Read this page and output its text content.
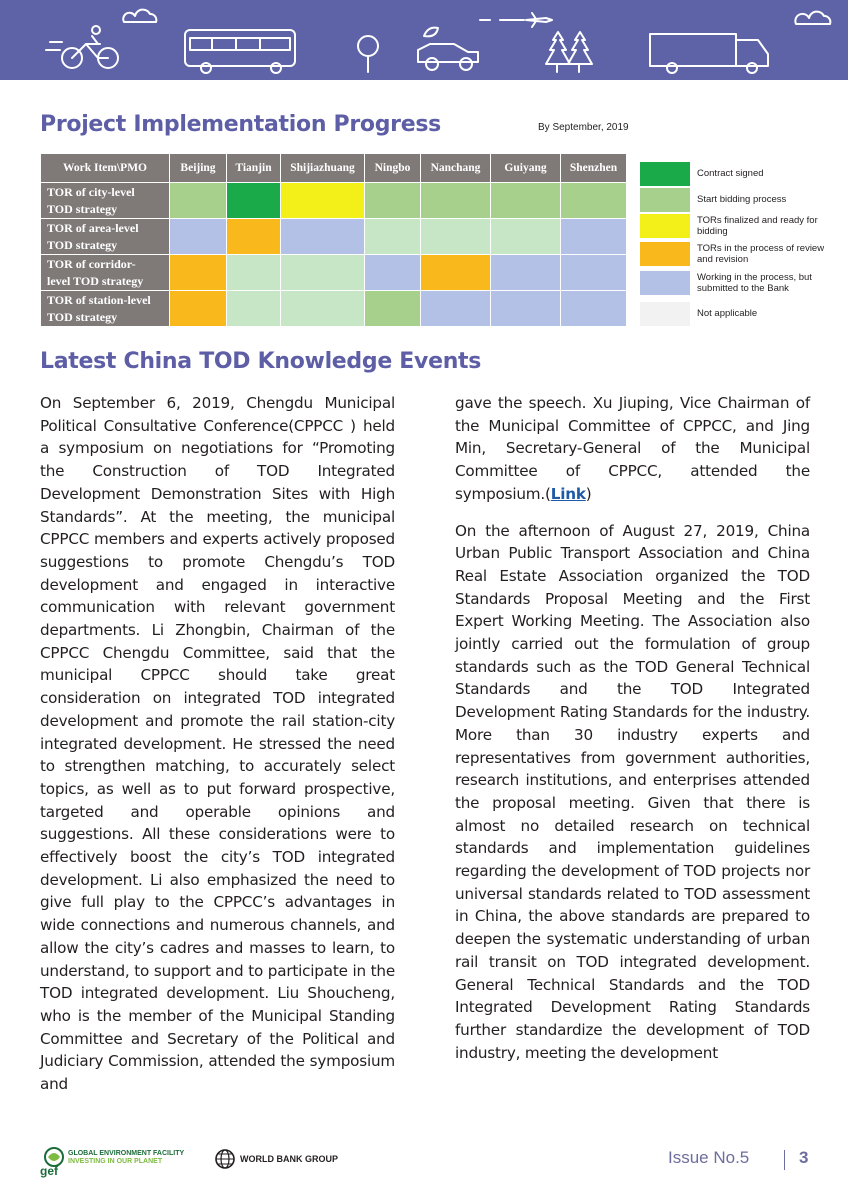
Project Implementation Progress	By September, 2019
Work Item\PMO	Beijing	Tianjin	Shijiazhuang	Ningbo	Nanchang	Guiyang	Shenzhen

TOR of city-level
TOD strategy							

TOR of area-level
TOD strategy							

TOR of corridor-
level TOD strategy							

TOR of station-level
TOD strategy							

Contract signed
Start bidding process
TORs finalized and ready for bidding
TORs in the process of review and revision
Working in the process, but submitted to the Bank
Not applicable
Latest China TOD Knowledge Events

On September 6, 2019, Chengdu Municipal Political Consultative Conference(CPPCC ) held a symposium on negotiations for “Promoting the Construction of TOD Integrated Development Demonstration Sites with High Standards”. At the meeting, the municipal CPPCC members and experts actively proposed suggestions to promote Chengdu’s TOD development and engaged in interactive communication with relevant government departments. Li Zhongbin, Chairman of the CPPCC Chengdu Committee, said that the municipal CPPCC should take great consideration on integrated TOD integrated development and promote the rail station-city integrated development. He stressed the need to strengthen matching, to accurately select topics, as well as to put forward prospective, targeted and operable opinions and suggestions. All these considerations were to effectively boost the city’s TOD integrated development. Li also emphasized the need to give full play to the CPPCC’s advantages in wide connections and numerous channels, and allow the city’s cadres and masses to learn, to understand, to support and to participate in the TOD integrated development. Liu Shoucheng, who is the member of the Municipal Standing Committee and Secretary of the Political and Judiciary Commission, attended the symposium and

gave the speech. Xu Jiuping, Vice Chairman of the Municipal Committee of CPPCC, and Jing Min, Secretary-General of the Municipal Committee of CPPCC, attended the symposium.(Link)

On the afternoon of August 27, 2019, China Urban Public Transport Association and China Real Estate Association organized the TOD Standards Proposal Meeting and the First Expert Working Meeting. The Association also jointly carried out the formulation of group standards such as the TOD General Technical Standards and the TOD Integrated Development Rating Standards for the industry. More than 30 industry experts and representatives from government authorities, research institutions, and enterprises attended the proposal meeting. Given that there is almost no detailed research on technical standards and implementation guidelines regarding the development of TOD projects nor universal standards related to TOD assessment in China, the above standards are prepared to deepen the systematic understanding of urban rail transit on TOD integrated development. General Technical Standards and the TOD Integrated Development Rating Standards further standardize the development of TOD industry, meeting the development

GLOBAL ENVIRONMENT FACILITY
INVESTING IN OUR PLANET
gef
WORLD BANK GROUP	Issue No.5	3
